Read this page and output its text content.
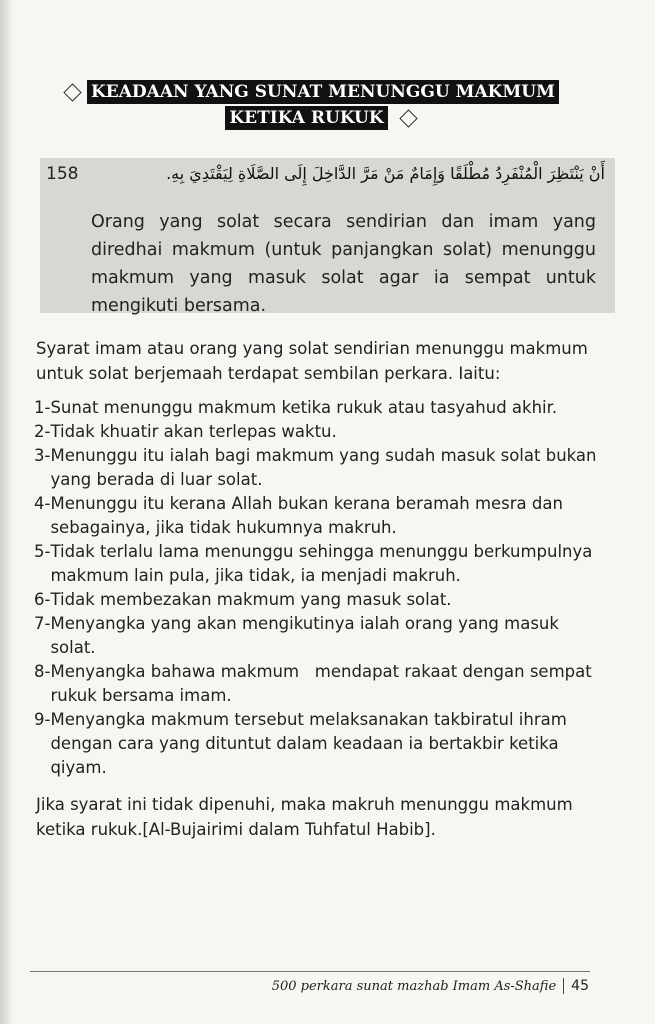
KEADAAN YANG SUNAT MENUNGGU MAKMUM
KETIKA RUKUK
158	أَنْ يَنْتَظِرَ الْمُنْفَرِدُ مُطْلَقًا وَإِمَامٌ مَنْ مَرَّ الدَّاخِلَ إِلَى الصَّلَاةِ لِيَقْتَدِيَ بِهِ.
Orang yang solat secara sendirian dan imam yang diredhai makmum (untuk panjangkan solat) menunggu makmum yang masuk solat agar ia sempat untuk mengikuti bersama.
Syarat imam atau orang yang solat sendirian menunggu makmum untuk solat berjemaah terdapat sembilan perkara. Iaitu:
1- Sunat menunggu makmum ketika rukuk atau tasyahud akhir.
2- Tidak khuatir akan terlepas waktu.
3- Menunggu itu ialah bagi makmum yang sudah masuk solat bukan yang berada di luar solat.
4- Menunggu itu kerana Allah bukan kerana beramah mesra dan sebagainya, jika tidak hukumnya makruh.
5- Tidak terlalu lama menunggu sehingga menunggu berkumpulnya makmum lain pula, jika tidak, ia menjadi makruh.
6- Tidak membezakan makmum yang masuk solat.
7- Menyangka yang akan mengikutinya ialah orang yang masuk solat.
8- Menyangka bahawa makmum   mendapat rakaat dengan sempat rukuk bersama imam.
9- Menyangka makmum tersebut melaksanakan takbiratul ihram dengan cara yang dituntut dalam keadaan ia bertakbir ketika qiyam.
Jika syarat ini tidak dipenuhi, maka makruh menunggu makmum ketika rukuk.[Al-Bujairimi dalam Tuhfatul Habib].
500 perkara sunat mazhab Imam As-Shafie 45
